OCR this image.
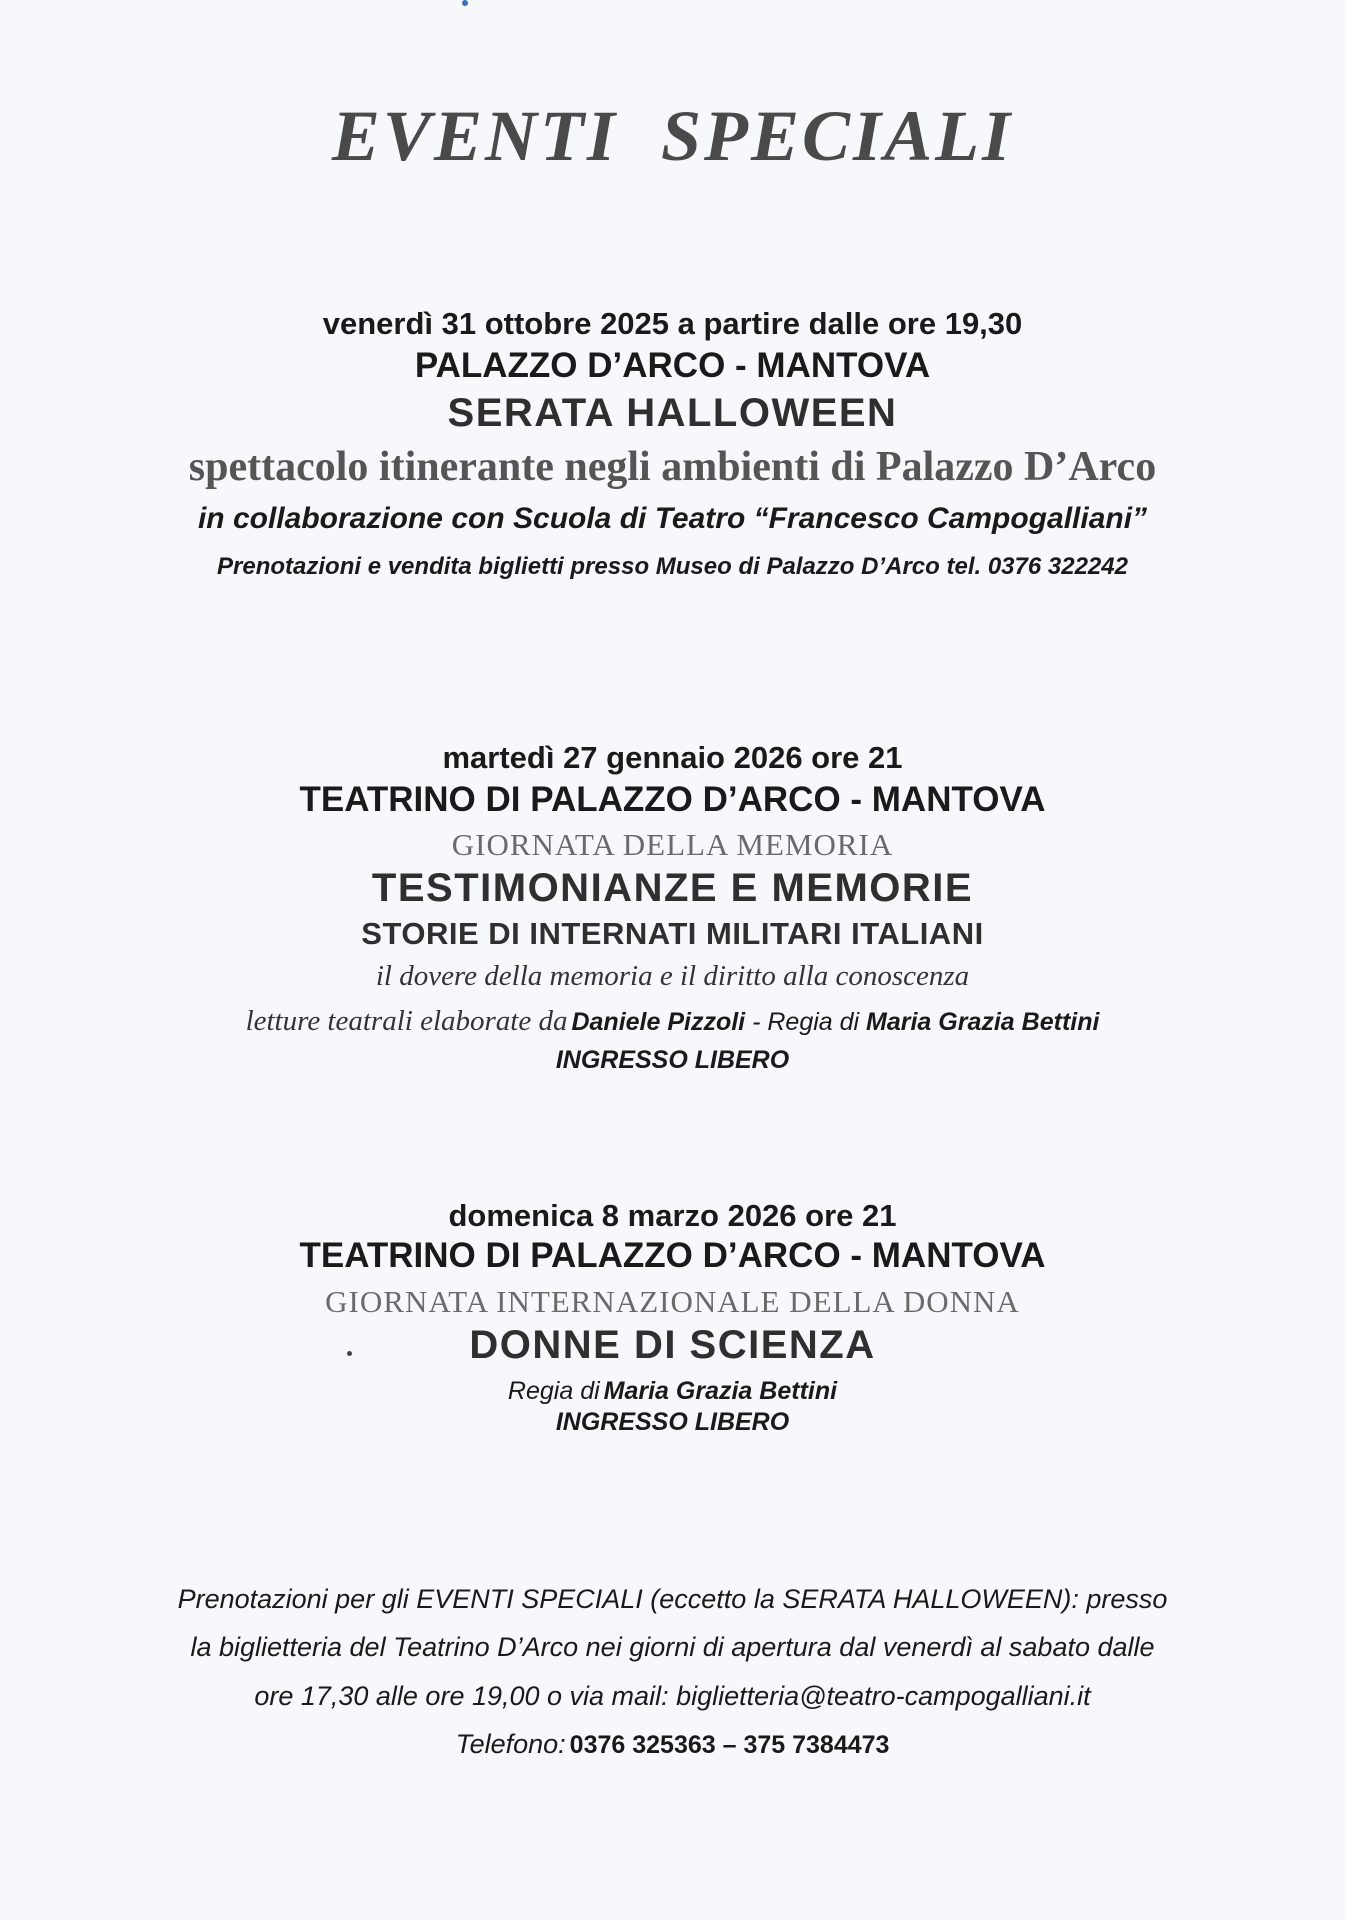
EVENTI SPECIALI

venerdì 31 ottobre 2025 a partire dalle ore 19,30

PALAZZO D’ARCO - MANTOVA

SERATA HALLOWEEN

spettacolo itinerante negli ambienti di Palazzo D’Arco

in collaborazione con Scuola di Teatro “Francesco Campogalliani”

Prenotazioni e vendita biglietti presso Museo di Palazzo D’Arco tel. 0376 322242

martedì 27 gennaio 2026 ore 21

TEATRINO DI PALAZZO D’ARCO - MANTOVA

GIORNATA DELLA MEMORIA

TESTIMONIANZE E MEMORIE

STORIE DI INTERNATI MILITARI ITALIANI

il dovere della memoria e il diritto alla conoscenza

letture teatrali elaborate da Daniele Pizzoli - Regia di Maria Grazia Bettini

INGRESSO LIBERO

domenica 8 marzo 2026 ore 21

TEATRINO DI PALAZZO D’ARCO - MANTOVA

GIORNATA INTERNAZIONALE DELLA DONNA

DONNE DI SCIENZA

Regia di Maria Grazia Bettini

INGRESSO LIBERO

Prenotazioni per gli EVENTI SPECIALI (eccetto la SERATA HALLOWEEN): presso

la biglietteria del Teatrino D’Arco nei giorni di apertura dal venerdì al sabato dalle

ore 17,30 alle ore 19,00 o via mail: biglietteria@teatro-campogalliani.it

Telefono: 0376 325363 – 375 7384473
